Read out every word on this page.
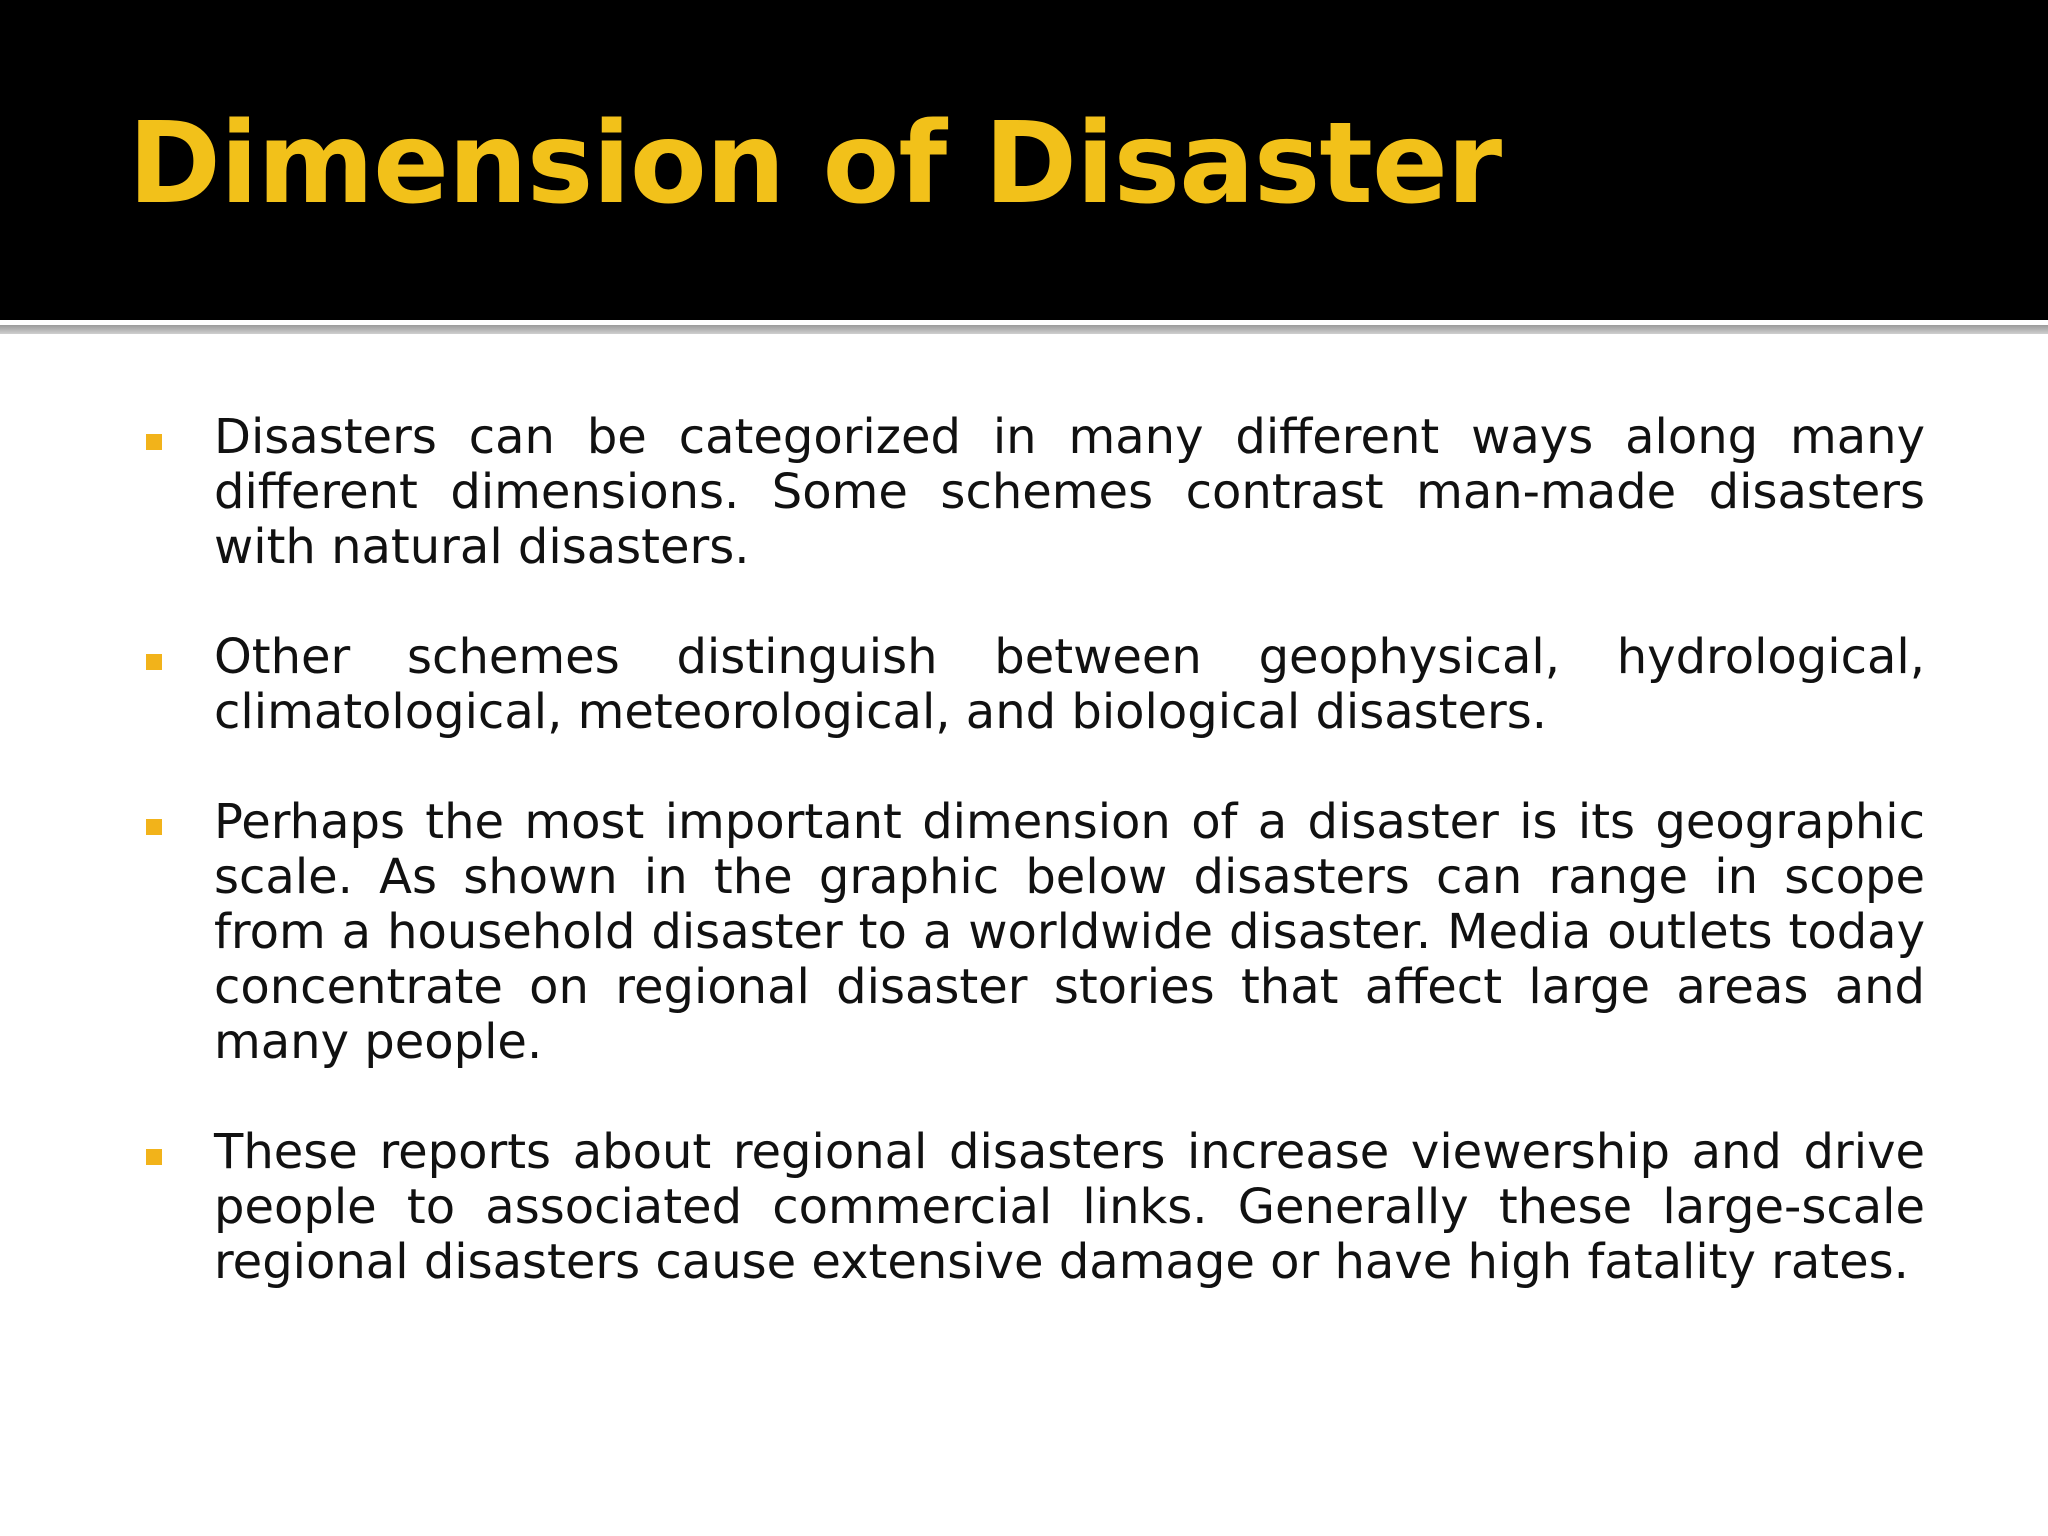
Dimension of Disaster
Disasters can be categorized in many different ways along many different dimensions. Some schemes contrast man-made disasters with natural disasters.
Other schemes distinguish between geophysical, hydrological, climatological, meteorological, and biological disasters.
Perhaps the most important dimension of a disaster is its geographic scale. As shown in the graphic below disasters can range in scope from a household disaster to a worldwide disaster. Media outlets today concentrate on regional disaster stories that affect large areas and many people.
These reports about regional disasters increase viewership and drive people to associated commercial links. Generally these large-scale regional disasters cause extensive damage or have high fatality rates.
